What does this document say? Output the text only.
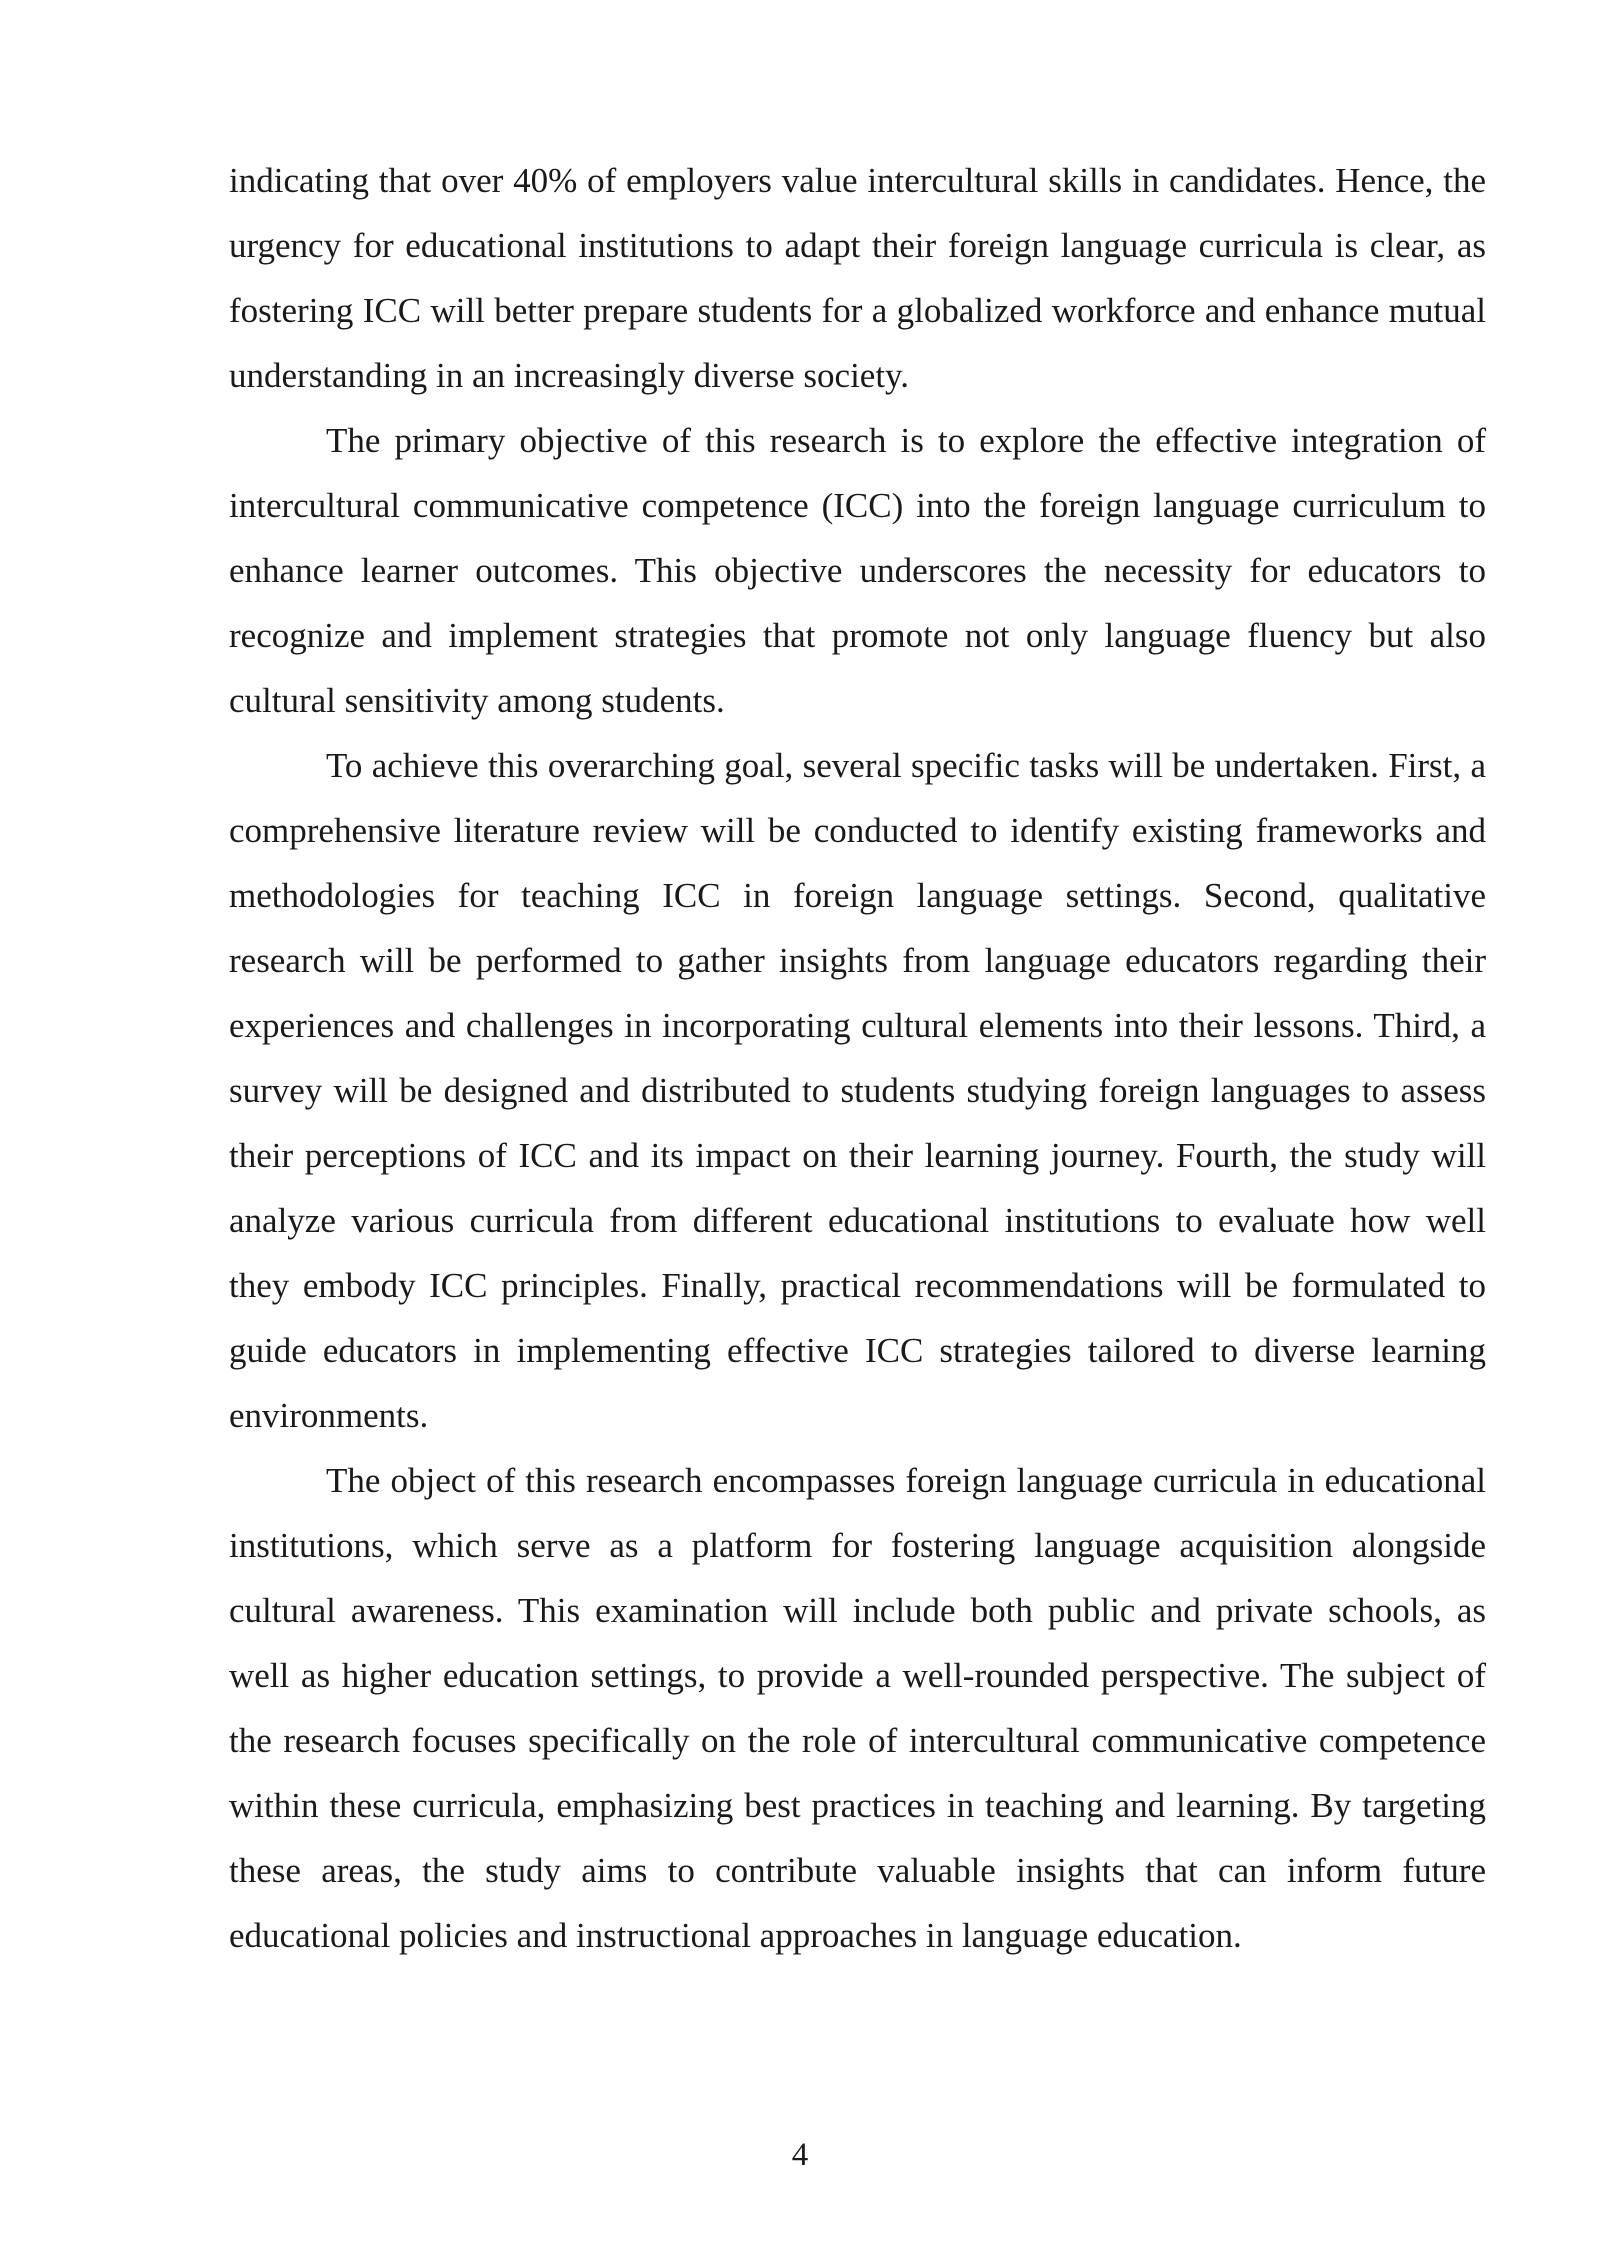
indicating that over 40% of employers value intercultural skills in candidates. Hence, the urgency for educational institutions to adapt their foreign language curricula is clear, as fostering ICC will better prepare students for a globalized workforce and enhance mutual understanding in an increasingly diverse society.

The primary objective of this research is to explore the effective integration of intercultural communicative competence (ICC) into the foreign language curriculum to enhance learner outcomes. This objective underscores the necessity for educators to recognize and implement strategies that promote not only language fluency but also cultural sensitivity among students.

To achieve this overarching goal, several specific tasks will be undertaken. First, a comprehensive literature review will be conducted to identify existing frameworks and methodologies for teaching ICC in foreign language settings. Second, qualitative research will be performed to gather insights from language educators regarding their experiences and challenges in incorporating cultural elements into their lessons. Third, a survey will be designed and distributed to students studying foreign languages to assess their perceptions of ICC and its impact on their learning journey. Fourth, the study will analyze various curricula from different educational institutions to evaluate how well they embody ICC principles. Finally, practical recommendations will be formulated to guide educators in implementing effective ICC strategies tailored to diverse learning environments.

The object of this research encompasses foreign language curricula in educational institutions, which serve as a platform for fostering language acquisition alongside cultural awareness. This examination will include both public and private schools, as well as higher education settings, to provide a well-rounded perspective. The subject of the research focuses specifically on the role of intercultural communicative competence within these curricula, emphasizing best practices in teaching and learning. By targeting these areas, the study aims to contribute valuable insights that can inform future educational policies and instructional approaches in language education.

4
